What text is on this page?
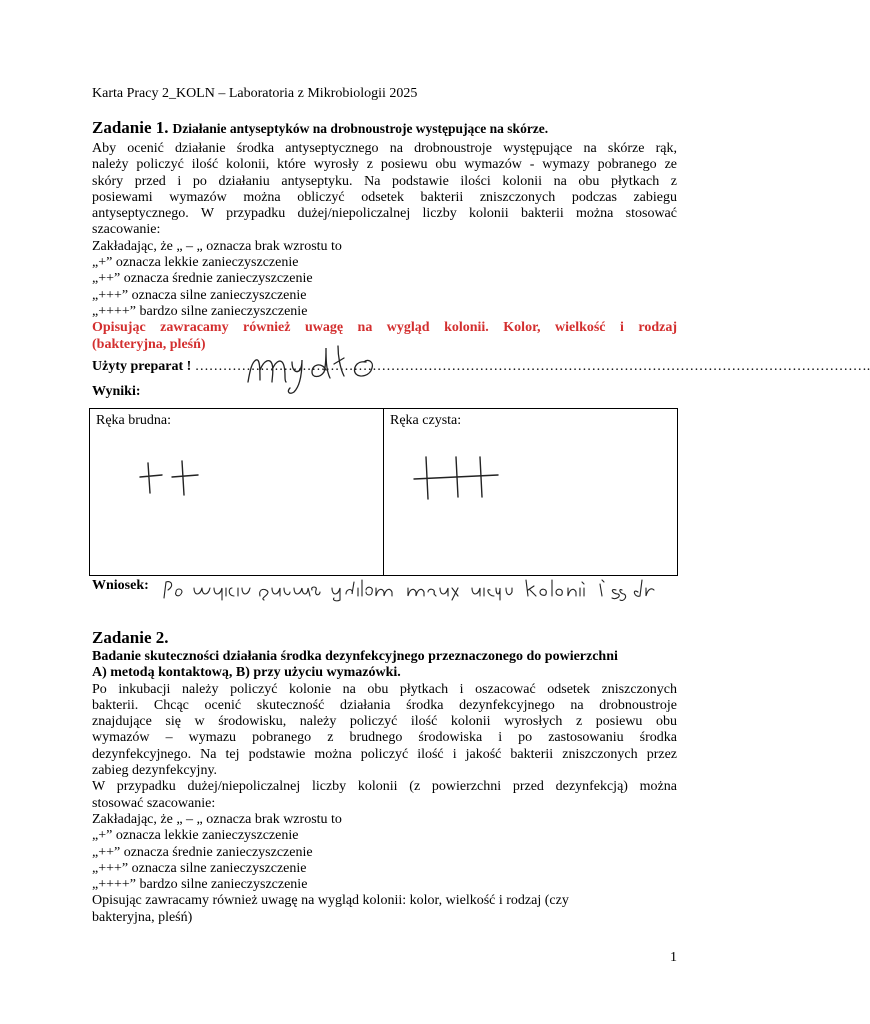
Karta Pracy 2_KOLN – Laboratoria z Mikrobiologii 2025
Zadanie 1. Działanie antyseptyków na drobnoustroje występujące na skórze.
Aby ocenić działanie środka antyseptycznego na drobnoustroje występujące na skórze rąk,
należy policzyć ilość kolonii, które wyrosły z posiewu obu wymazów - wymazy pobranego ze
skóry przed i po działaniu antyseptyku. Na podstawie ilości kolonii na obu płytkach z
posiewami wymazów można obliczyć odsetek bakterii zniszczonych podczas zabiegu
antyseptycznego. W przypadku dużej/niepoliczalnej liczby kolonii bakterii można stosować
szacowanie:
Zakładając, że „ – „ oznacza brak wzrostu to
„+” oznacza lekkie zanieczyszczenie
„++” oznacza średnie zanieczyszczenie
„+++” oznacza silne zanieczyszczenie
„++++” bardzo silne zanieczyszczenie
Opisując zawracamy również uwagę na wygląd kolonii. Kolor, wielkość i rodzaj
(bakteryjna, pleśń)
Użyty preparat ! ……………………………………………………………………………………………………………………………….
Wyniki:
Ręka brudna:	Ręka czysta:
Wniosek:
Zadanie 2.
Badanie skuteczności działania środka dezynfekcyjnego przeznaczonego do powierzchni
A) metodą kontaktową, B) przy użyciu wymazówki.
Po inkubacji należy policzyć kolonie na obu płytkach i oszacować odsetek zniszczonych
bakterii. Chcąc ocenić skuteczność działania środka dezynfekcyjnego na drobnoustroje
znajdujące się w środowisku, należy policzyć ilość kolonii wyrosłych z posiewu obu
wymazów – wymazu pobranego z brudnego środowiska i po zastosowaniu środka
dezynfekcyjnego. Na tej podstawie można policzyć ilość i jakość bakterii zniszczonych przez
zabieg dezynfekcyjny.
W przypadku dużej/niepoliczalnej liczby kolonii (z powierzchni przed dezynfekcją) można
stosować szacowanie:
Zakładając, że „ – „ oznacza brak wzrostu to
„+” oznacza lekkie zanieczyszczenie
„++” oznacza średnie zanieczyszczenie
„+++” oznacza silne zanieczyszczenie
„++++” bardzo silne zanieczyszczenie
Opisując zawracamy również uwagę na wygląd kolonii: kolor, wielkość i rodzaj (czy
bakteryjna, pleśń)
1
